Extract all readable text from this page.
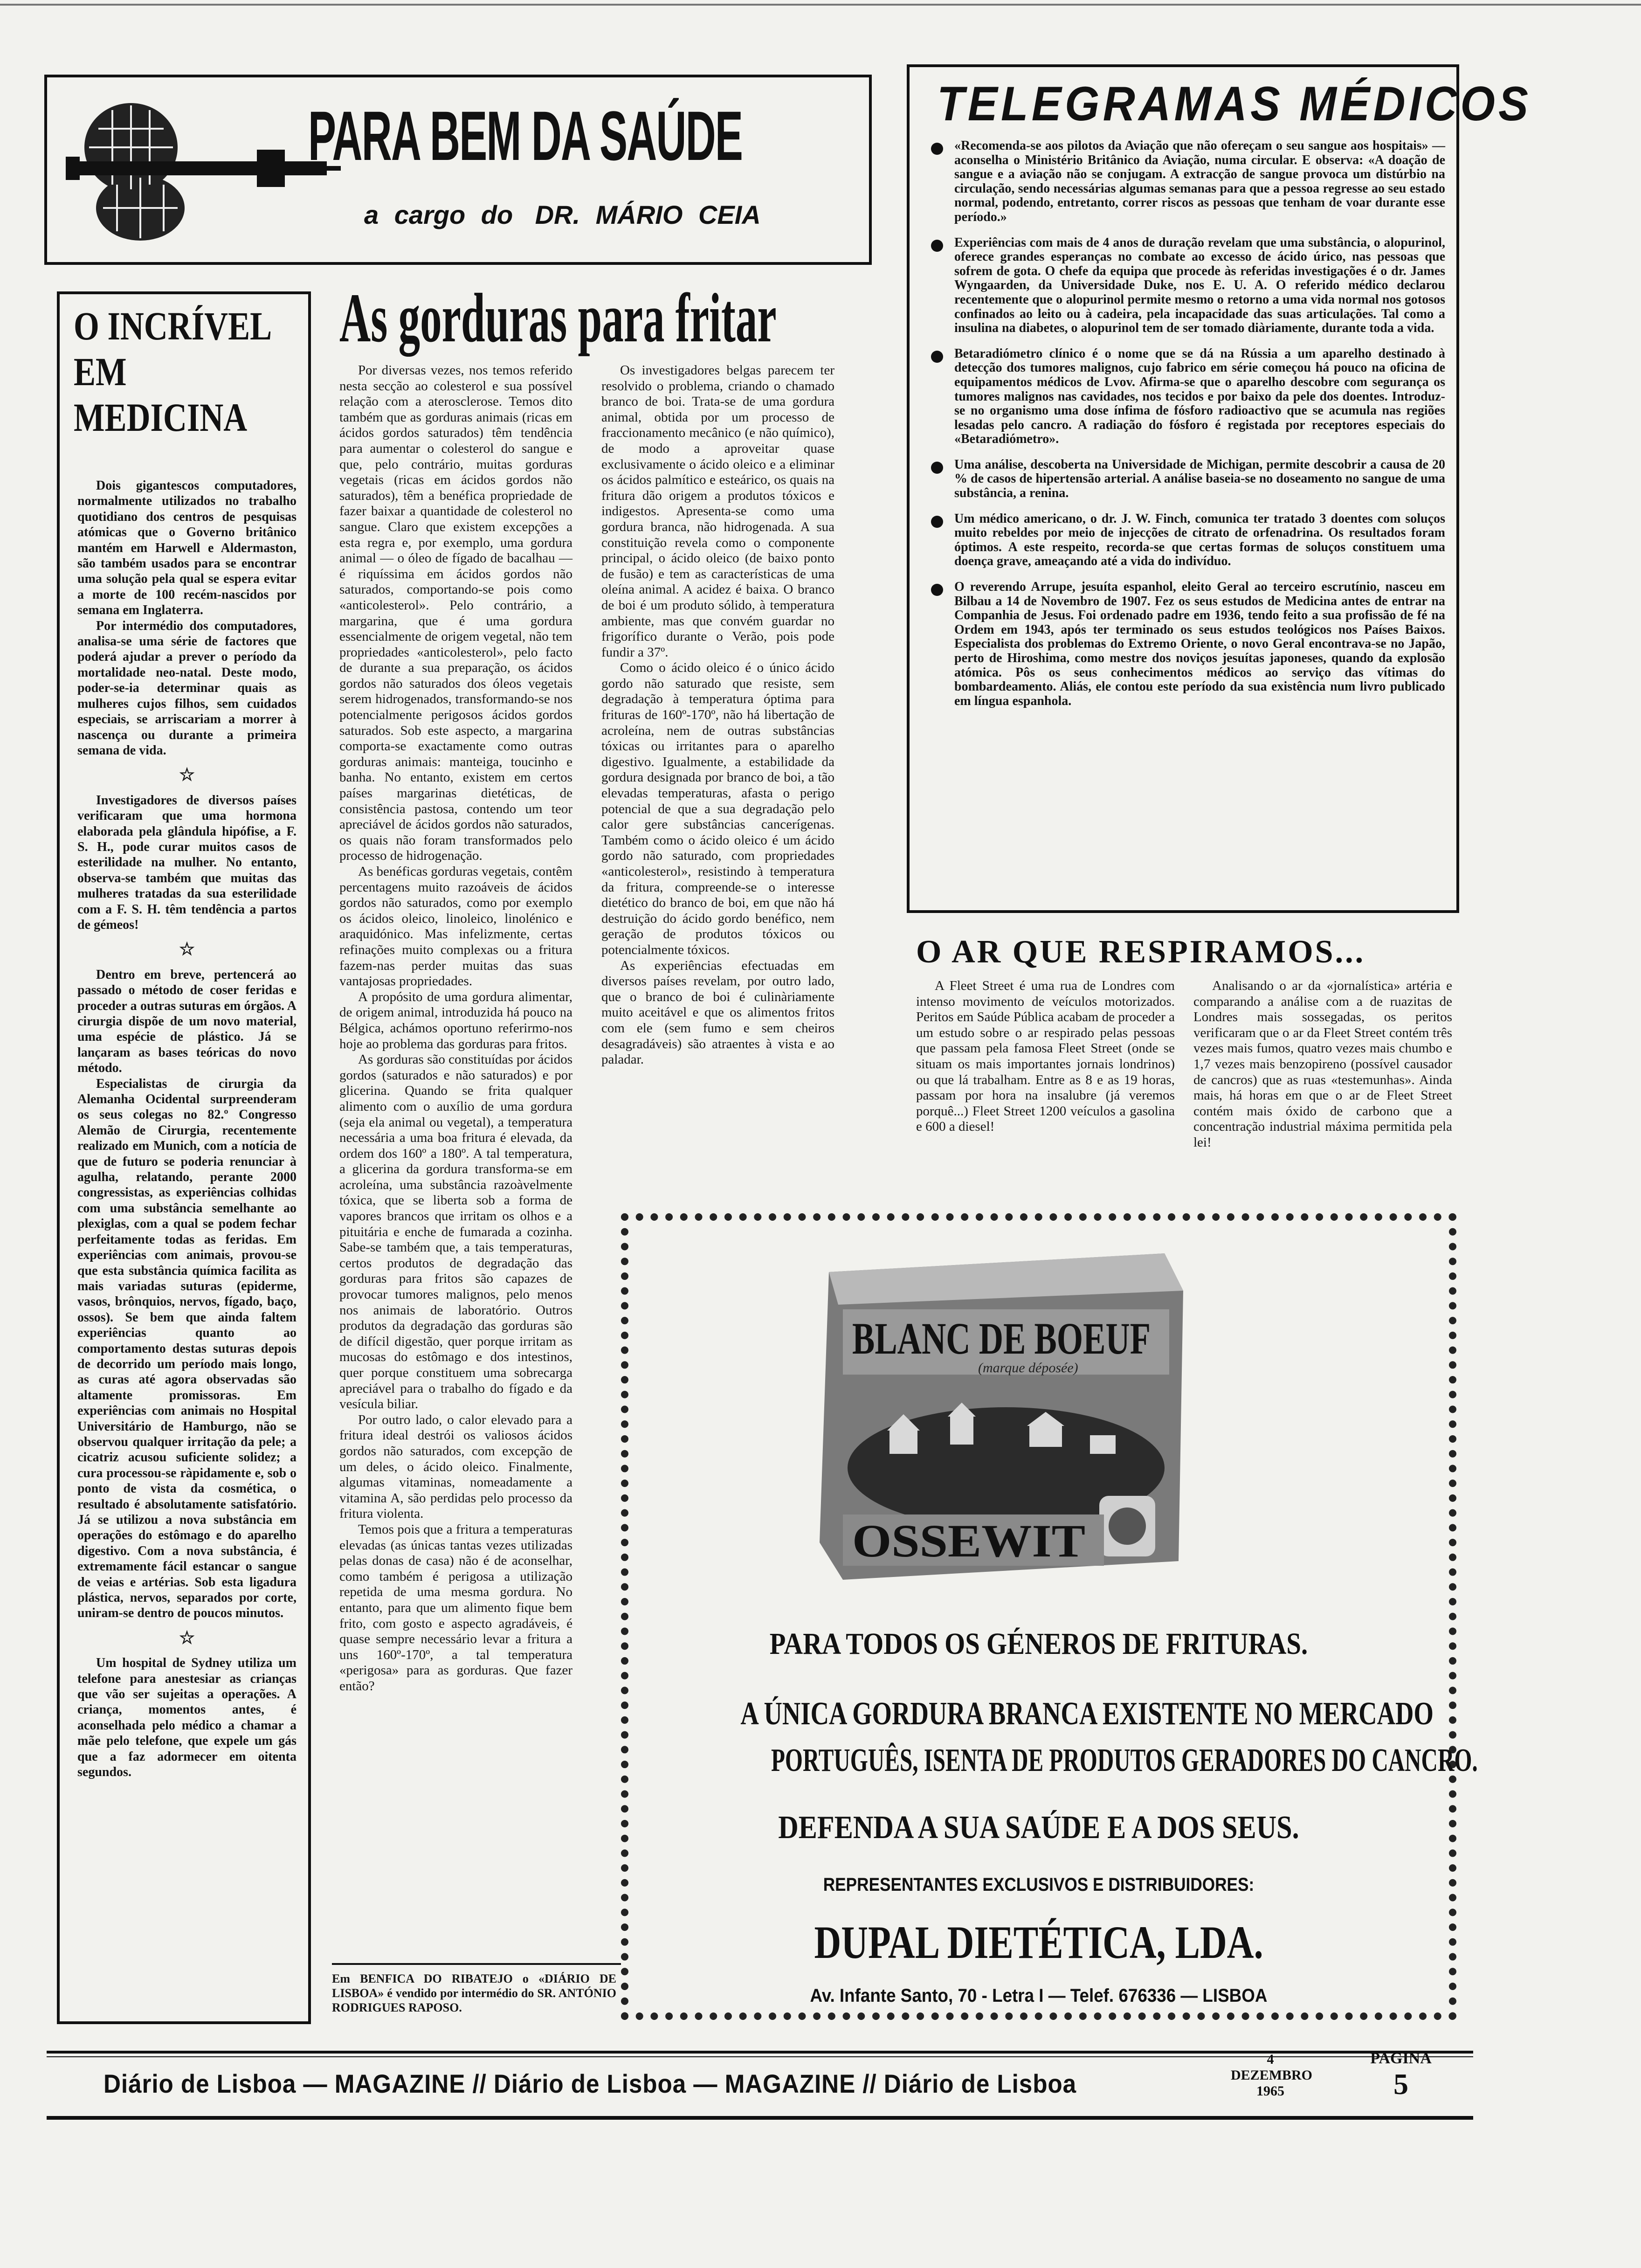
PARA BEM DA SAÚDE
a cargo do DR. MÁRIO CEIA
O INCRÍVEL
EM
MEDICINA

Dois gigantescos computadores, normalmente utilizados no trabalho quotidiano dos centros de pesquisas atómicas que o Governo britânico mantém em Harwell e Aldermaston, são também usados para se encontrar uma solução pela qual se espera evitar a morte de 100 recém-nascidos por semana em Inglaterra.

Por intermédio dos computadores, analisa-se uma série de factores que poderá ajudar a prever o período da mortalidade neo-natal. Deste modo, poder-se-ia determinar quais as mulheres cujos filhos, sem cuidados especiais, se arriscariam a morrer à nascença ou durante a primeira semana de vida.

☆

Investigadores de diversos países verificaram que uma hormona elaborada pela glândula hipófise, a F. S. H., pode curar muitos casos de esterilidade na mulher. No entanto, observa-se também que muitas das mulheres tratadas da sua esterilidade com a F. S. H. têm tendência a partos de gémeos!

☆

Dentro em breve, pertencerá ao passado o método de coser feridas e proceder a outras suturas em órgãos. A cirurgia dispõe de um novo material, uma espécie de plástico. Já se lançaram as bases teóricas do novo método.

Especialistas de cirurgia da Alemanha Ocidental surpreenderam os seus colegas no 82.º Congresso Alemão de Cirurgia, recentemente realizado em Munich, com a notícia de que de futuro se poderia renunciar à agulha, relatando, perante 2000 congressistas, as experiências colhidas com uma substância semelhante ao plexiglas, com a qual se podem fechar perfeitamente todas as feridas. Em experiências com animais, provou-se que esta substância química facilita as mais variadas suturas (epiderme, vasos, brônquios, nervos, fígado, baço, ossos). Se bem que ainda faltem experiências quanto ao comportamento destas suturas depois de decorrido um período mais longo, as curas até agora observadas são altamente promissoras. Em experiências com animais no Hospital Universitário de Hamburgo, não se observou qualquer irritação da pele; a cicatriz acusou suficiente solidez; a cura processou-se ràpidamente e, sob o ponto de vista da cosmética, o resultado é absolutamente satisfatório. Já se utilizou a nova substância em operações do estômago e do aparelho digestivo. Com a nova substância, é extremamente fácil estancar o sangue de veias e artérias. Sob esta ligadura plástica, nervos, separados por corte, uniram-se dentro de poucos minutos.

☆

Um hospital de Sydney utiliza um telefone para anestesiar as crianças que vão ser sujeitas a operações. A criança, momentos antes, é aconselhada pelo médico a chamar a mãe pelo telefone, que expele um gás que a faz adormecer em oitenta segundos.

As gorduras para fritar

Por diversas vezes, nos temos referido nesta secção ao colesterol e sua possível relação com a aterosclerose. Temos dito também que as gorduras animais (ricas em ácidos gordos saturados) têm tendência para aumentar o colesterol do sangue e que, pelo contrário, muitas gorduras vegetais (ricas em ácidos gordos não saturados), têm a benéfica propriedade de fazer baixar a quantidade de colesterol no sangue. Claro que existem excepções a esta regra e, por exemplo, uma gordura animal — o óleo de fígado de bacalhau — é riquíssima em ácidos gordos não saturados, comportando-se pois como «anticolesterol». Pelo contrário, a margarina, que é uma gordura essencialmente de origem vegetal, não tem propriedades «anticolesterol», pelo facto de durante a sua preparação, os ácidos gordos não saturados dos óleos vegetais serem hidrogenados, transformando-se nos potencialmente perigosos ácidos gordos saturados. Sob este aspecto, a margarina comporta-se exactamente como outras gorduras animais: manteiga, toucinho e banha. No entanto, existem em certos países margarinas dietéticas, de consistência pastosa, contendo um teor apreciável de ácidos gordos não saturados, os quais não foram transformados pelo processo de hidrogenação.

As benéficas gorduras vegetais, contêm percentagens muito razoáveis de ácidos gordos não saturados, como por exemplo os ácidos oleico, linoleico, linolénico e araquidónico. Mas infelizmente, certas refinações muito complexas ou a fritura fazem-nas perder muitas das suas vantajosas propriedades.

A propósito de uma gordura alimentar, de origem animal, introduzida há pouco na Bélgica, achámos oportuno referirmo-nos hoje ao problema das gorduras para fritos.

As gorduras são constituídas por ácidos gordos (saturados e não saturados) e por glicerina. Quando se frita qualquer alimento com o auxílio de uma gordura (seja ela animal ou vegetal), a temperatura necessária a uma boa fritura é elevada, da ordem dos 160º a 180º. A tal temperatura, a glicerina da gordura transforma-se em acroleína, uma substância razoàvelmente tóxica, que se liberta sob a forma de vapores brancos que irritam os olhos e a pituitária e enche de fumarada a cozinha. Sabe-se também que, a tais temperaturas, certos produtos de degradação das gorduras para fritos são capazes de provocar tumores malignos, pelo menos nos animais de laboratório. Outros produtos da degradação das gorduras são de difícil digestão, quer porque irritam as mucosas do estômago e dos intestinos, quer porque constituem uma sobrecarga apreciável para o trabalho do fígado e da vesícula biliar.

Por outro lado, o calor elevado para a fritura ideal destrói os valiosos ácidos gordos não saturados, com excepção de um deles, o ácido oleico. Finalmente, algumas vitaminas, nomeadamente a vitamina A, são perdidas pelo processo da fritura violenta.

Temos pois que a fritura a temperaturas elevadas (as únicas tantas vezes utilizadas pelas donas de casa) não é de aconselhar, como também é perigosa a utilização repetida de uma mesma gordura. No entanto, para que um alimento fique bem frito, com gosto e aspecto agradáveis, é quase sempre necessário levar a fritura a uns 160º-170º, a tal temperatura «perigosa» para as gorduras. Que fazer então?

Os investigadores belgas parecem ter resolvido o problema, criando o chamado branco de boi. Trata-se de uma gordura animal, obtida por um processo de fraccionamento mecânico (e não químico), de modo a aproveitar quase exclusivamente o ácido oleico e a eliminar os ácidos palmítico e esteárico, os quais na fritura dão origem a produtos tóxicos e indigestos. Apresenta-se como uma gordura branca, não hidrogenada. A sua constituição revela como o componente principal, o ácido oleico (de baixo ponto de fusão) e tem as características de uma oleína animal. A acidez é baixa. O branco de boi é um produto sólido, à temperatura ambiente, mas que convém guardar no frigorífico durante o Verão, pois pode fundir a 37º.

Como o ácido oleico é o único ácido gordo não saturado que resiste, sem degradação à temperatura óptima para frituras de 160º-170º, não há libertação de acroleína, nem de outras substâncias tóxicas ou irritantes para o aparelho digestivo. Igualmente, a estabilidade da gordura designada por branco de boi, a tão elevadas temperaturas, afasta o perigo potencial de que a sua degradação pelo calor gere substâncias cancerígenas. Também como o ácido oleico é um ácido gordo não saturado, com propriedades «anticolesterol», resistindo à temperatura da fritura, compreende-se o interesse dietético do branco de boi, em que não há destruição do ácido gordo benéfico, nem geração de produtos tóxicos ou potencialmente tóxicos.

As experiências efectuadas em diversos países revelam, por outro lado, que o branco de boi é culinàriamente muito aceitável e que os alimentos fritos com ele (sem fumo e sem cheiros desagradáveis) são atraentes à vista e ao paladar.

Em BENFICA DO RIBATEJO o «DIÁRIO DE LISBOA» é vendido por intermédio do SR. ANTÓNIO RODRIGUES RAPOSO.
TELEGRAMAS MÉDICOS

«Recomenda-se aos pilotos da Aviação que não ofereçam o seu sangue aos hospitais» — aconselha o Ministério Britânico da Aviação, numa circular. E observa: «A doação de sangue e a aviação não se conjugam. A extracção de sangue provoca um distúrbio na circulação, sendo necessárias algumas semanas para que a pessoa regresse ao seu estado normal, podendo, entretanto, correr riscos as pessoas que tenham de voar durante esse período.»

Experiências com mais de 4 anos de duração revelam que uma substância, o alopurinol, oferece grandes esperanças no combate ao excesso de ácido úrico, nas pessoas que sofrem de gota. O chefe da equipa que procede às referidas investigações é o dr. James Wyngaarden, da Universidade Duke, nos E. U. A. O referido médico declarou recentemente que o alopurinol permite mesmo o retorno a uma vida normal nos gotosos confinados ao leito ou à cadeira, pela incapacidade das suas articulações. Tal como a insulina na diabetes, o alopurinol tem de ser tomado diàriamente, durante toda a vida.

Betaradiómetro clínico é o nome que se dá na Rússia a um aparelho destinado à detecção dos tumores malignos, cujo fabrico em série começou há pouco na oficina de equipamentos médicos de Lvov. Afirma-se que o aparelho descobre com segurança os tumores malignos nas cavidades, nos tecidos e por baixo da pele dos doentes. Introduz-se no organismo uma dose ínfima de fósforo radioactivo que se acumula nas regiões lesadas pelo cancro. A radiação do fósforo é registada por receptores especiais do «Betaradiómetro».

Uma análise, descoberta na Universidade de Michigan, permite descobrir a causa de 20 % de casos de hipertensão arterial. A análise baseia-se no doseamento no sangue de uma substância, a renina.

Um médico americano, o dr. J. W. Finch, comunica ter tratado 3 doentes com soluços muito rebeldes por meio de injecções de citrato de orfenadrina. Os resultados foram óptimos. A este respeito, recorda-se que certas formas de soluços constituem uma doença grave, ameaçando até a vida do indivíduo.

O reverendo Arrupe, jesuíta espanhol, eleito Geral ao terceiro escrutínio, nasceu em Bilbau a 14 de Novembro de 1907. Fez os seus estudos de Medicina antes de entrar na Companhia de Jesus. Foi ordenado padre em 1936, tendo feito a sua profissão de fé na Ordem em 1943, após ter terminado os seus estudos teológicos nos Países Baixos. Especialista dos problemas do Extremo Oriente, o novo Geral encontrava-se no Japão, perto de Hiroshima, como mestre dos noviços jesuítas japoneses, quando da explosão atómica. Pôs os seus conhecimentos médicos ao serviço das vítimas do bombardeamento. Aliás, ele contou este período da sua existência num livro publicado em língua espanhola.

O AR QUE RESPIRAMOS...
A Fleet Street é uma rua de Londres com intenso movimento de veículos motorizados. Peritos em Saúde Pública acabam de proceder a um estudo sobre o ar respirado pelas pessoas que passam pela famosa Fleet Street (onde se situam os mais importantes jornais londrinos) ou que lá trabalham. Entre as 8 e as 19 horas, passam por hora na insalubre (já veremos porquê...) Fleet Street 1200 veículos a gasolina e 600 a diesel!
Analisando o ar da «jornalística» artéria e comparando a análise com a de ruazitas de Londres mais sossegadas, os peritos verificaram que o ar da Fleet Street contém três vezes mais fumos, quatro vezes mais chumbo e 1,7 vezes mais benzopireno (possível causador de cancros) que as ruas «testemunhas». Ainda mais, há horas em que o ar de Fleet Street contém mais óxido de carbono que a concentração industrial máxima permitida pela lei!
BLANC DE BOEUF
(marque déposée)
OSSEWIT
PARA TODOS OS GÉNEROS DE FRITURAS.
A ÚNICA GORDURA BRANCA EXISTENTE NO MERCADO
PORTUGUÊS, ISENTA DE PRODUTOS GERADORES DO CANCRO.
DEFENDA A SUA SAÚDE E A DOS SEUS.
REPRESENTANTES EXCLUSIVOS E DISTRIBUIDORES:
DUPAL DIETÉTICA, LDA.
Av. Infante Santo, 70 - Letra I — Telef. 676336 — LISBOA
Diário de Lisboa — MAGAZINE // Diário de Lisboa — MAGAZINE // Diário de Lisboa
4
DEZEMBRO
1965
PAGINA
5
